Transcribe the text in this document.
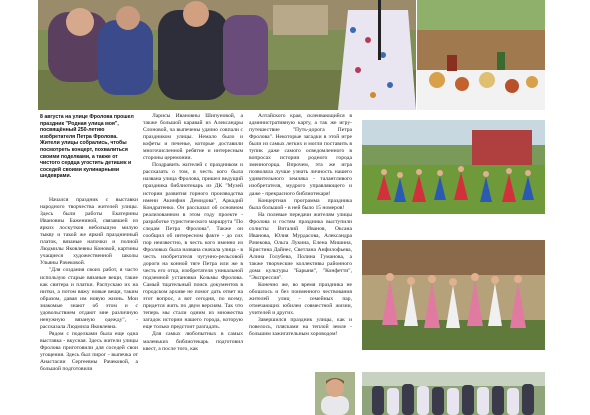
8 августа на улице Фролова прошел праздник "Родная улица моя", посвящённый 250-летию изобретателя Петра Фролова. Жители улицы собрались, чтобы посмотреть концерт, похвалиться своими поделками, а также от чистого сердца угостить детишек и соседей своими кулинарными шедеврами.

Начался праздник с выставки народного творчества жителей улицы. Здесь были работы Екатерины Ивановны Бажениной, связавшей из ярких лоскутков небольшую милую тыкву и такой же яркий праздничный платок, вязаные напочки и полной Людмилы Яковлевны Коновой, картины учащиеся художественной школы Ульяны Рачековой.

"Для создания своих работ, я часто использую старые вязаные вещи, такие как свитера и платки. Распускаю их на нитки, а потом вяжу новые вещи, таким образом, давая им новую жизнь. Мои знакомые знают об этом и с удовольствием отдают мне различную ненужную вязаную одежду", - рассказала Людмила Яковлевна.

Рядом с поделками была еще одна выставка - вкусная. Здесь жители улицы Фролова приготовили для соседей свои угощения. Здесь был пирог - выпечка от Анастасии Сергеевны Рачековой, а большой подготовили

Ларисы Ивановны Шипуновой, а также большой каравай из Александры Слоновой, ча выпечены удачно совпали с праздником улицы. Немало было и кофеты и печенье, которые доставили многочисленной ребятне и интересным стороны церемонии.

Поздравить жителей с праздником и рассказать о том, в честь кого была названа улица Фролова, пришел ведущий праздника библиотекарь из ДК "Музей истории развития горного производства имени Акинфия Демидова", Аркадий Кондратенко. Он рассказал об основном реализованном в этом году проекте - разработке туристического маршрута "По следам Петра Фролова". Также он сообщил об интересном факте - до сих пор неизвестно, в честь кого именно из Фроловых была названа сначала улица - в честь изобретателя чугунно-рельсовой дороги на конной тяге Петра или же в честь его отца, изобретателя уникальной подземной установки Козьмы Фролова. Самый тщательный поиск документов в городском архиве не помог дать ответ на этот вопрос, а вот сегодня, по всему, придется жить по двум версиям. Так что теперь мы стали одним из множества загадок истории нашего города, которую еще только предстоит разгадать.

Для самых любопытных в самых маленьких библиотекарь подготовил квест, а после того, как

Алтайского края, склеивающийся в административную карту, а так же игру-путешествие "Путь-дорога Петра Фролова". Некоторые загадки в этой игре были из самых легких и могли поставить в тупик даже самого осведомленного в вопросах истории родного города змеиногорца. Впрочем, эта же игра позволяла лучше узнать личность нашего удивительного земляка - талантливого изобретателя, мудрого управляющего и даже - прекрасного библиотекаря!

Концертная программа праздника была большой - в ней было 15 номеров!

На полевые передачи жителям улицы Фролова и гостям праздника выступили солисты Виталий Иванов, Оксана Иванова, Юлия Мурдасова, Александра Рачекова, Ольга Лукина, Елена Мишина, Кристина Дайнес, Светлана Анфилофьева, Алина Голубева, Полина Гуманова, а также творческие коллективы районного дома культуры "Барыня", "Конфетти", "Экспрессия".

Конечно же, во время праздника не обошлось и без поименного чествования жителей улиц - семейных пар, отмечающих юбилеи совместной жизни, учителей и других.

Завершился праздник улицы, как и повелось, плясками на теплой земле - большим зажигательным хороводом!
